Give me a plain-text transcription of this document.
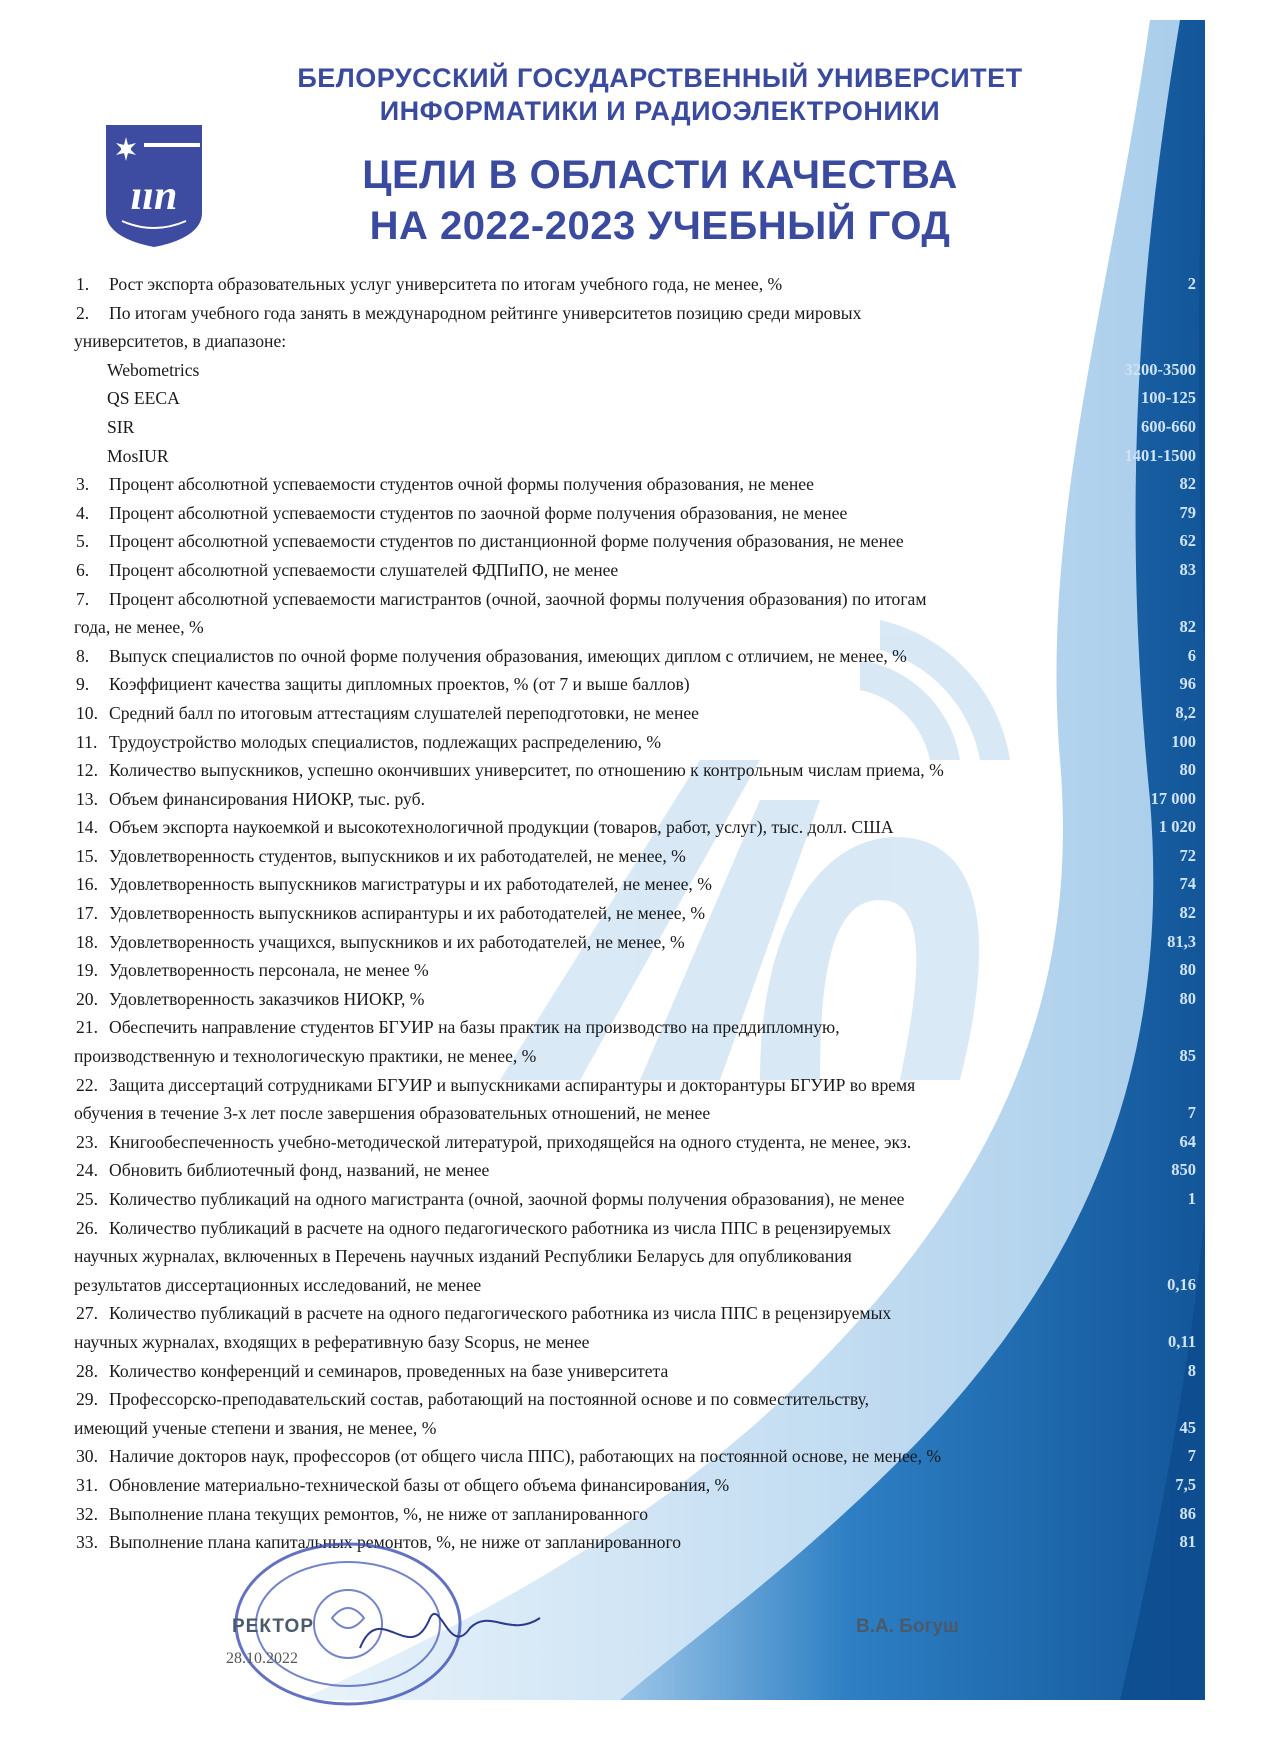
ıın
БЕЛОРУССКИЙ ГОСУДАРСТВЕННЫЙ УНИВЕРСИТЕТ
ИНФОРМАТИКИ И РАДИОЭЛЕКТРОНИКИ
ЦЕЛИ В ОБЛАСТИ КАЧЕСТВА
НА 2022-2023 УЧЕБНЫЙ ГОД
1. Рост экспорта образовательных услуг университета по итогам учебного года, не менее, %	2
2. По итогам учебного года занять в международном рейтинге университетов позицию среди мировых
университетов, в диапазоне:
Webometrics	3200-3500
QS EECA	100-125
SIR	600-660
MosIUR	1401-1500
3. Процент абсолютной успеваемости студентов очной формы получения образования, не менее	82
4. Процент абсолютной успеваемости студентов по заочной форме получения образования, не менее	79
5. Процент абсолютной успеваемости студентов по дистанционной форме получения образования, не менее	62
6. Процент абсолютной успеваемости слушателей ФДПиПО, не менее	83
7. Процент абсолютной успеваемости магистрантов (очной, заочной формы получения образования) по итогам
года, не менее, %	82
8. Выпуск специалистов по очной форме получения образования, имеющих диплом с отличием, не менее, %	6
9. Коэффициент качества защиты дипломных проектов, % (от 7 и выше баллов)	96
10. Средний балл по итоговым аттестациям слушателей переподготовки, не менее	8,2
11. Трудоустройство молодых специалистов, подлежащих распределению, %	100
12. Количество выпускников, успешно окончивших университет, по отношению к контрольным числам приема, %	80
13. Объем финансирования НИОКР, тыс. руб.	17 000
14. Объем экспорта наукоемкой и высокотехнологичной продукции (товаров, работ, услуг), тыс. долл. США	1 020
15. Удовлетворенность студентов, выпускников и их работодателей, не менее, %	72
16. Удовлетворенность выпускников магистратуры и их работодателей, не менее, %	74
17. Удовлетворенность выпускников аспирантуры и их работодателей, не менее, %	82
18. Удовлетворенность учащихся, выпускников и их работодателей, не менее, %	81,3
19. Удовлетворенность персонала, не менее %	80
20. Удовлетворенность заказчиков НИОКР, %	80
21. Обеспечить направление студентов БГУИР на базы практик на производство на преддипломную,
производственную и технологическую практики, не менее, %	85
22. Защита диссертаций сотрудниками БГУИР и выпускниками аспирантуры и докторантуры БГУИР во время
обучения в течение 3-х лет после завершения образовательных отношений, не менее	7
23. Книгообеспеченность учебно-методической литературой, приходящейся на одного студента, не менее, экз.	64
24. Обновить библиотечный фонд, названий, не менее	850
25. Количество публикаций на одного магистранта (очной, заочной формы получения образования), не менее	1
26. Количество публикаций в расчете на одного педагогического работника из числа ППС в рецензируемых
научных журналах, включенных в Перечень научных изданий Республики Беларусь для опубликования
результатов диссертационных исследований, не менее	0,16
27. Количество публикаций в расчете на одного педагогического работника из числа ППС в рецензируемых
научных журналах, входящих в реферативную базу Scopus, не менее	0,11
28. Количество конференций и семинаров, проведенных на базе университета	8
29. Профессорско-преподавательский состав, работающий на постоянной основе и по совместительству,
имеющий ученые степени и звания, не менее, %	45
30. Наличие докторов наук, профессоров (от общего числа ППС), работающих на постоянной основе, не менее, %	7
31. Обновление материально-технической базы от общего объема финансирования, %	7,5
32. Выполнение плана текущих ремонтов, %, не ниже от запланированного	86
33. Выполнение плана капитальных ремонтов, %, не ниже от запланированного	81
РЕКТОР
28.10.2022
В.А. Богуш
